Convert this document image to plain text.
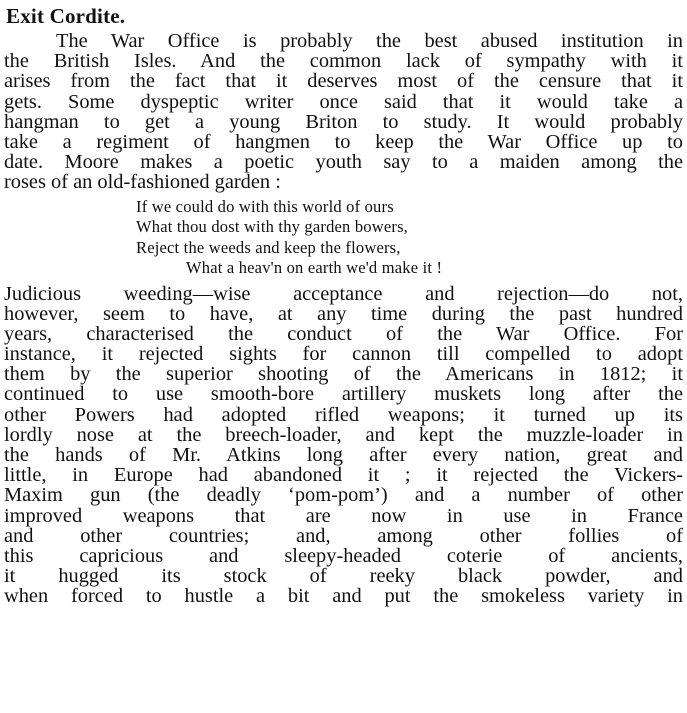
Exit Cordite.
The War Office is probably the best abused institution in
the British Isles. And the common lack of sympathy with it
arises from the fact that it deserves most of the censure that it
gets. Some dyspeptic writer once said that it would take a
hangman to get a young Briton to study. It would probably
take a regiment of hangmen to keep the War Office up to
date. Moore makes a poetic youth say to a maiden among the
roses of an old-fashioned garden :
If we could do with this world of ours
What thou dost with thy garden bowers,
Reject the weeds and keep the flowers,
What a heav'n on earth we'd make it !
Judicious weeding—wise acceptance and rejection—do not,
however, seem to have, at any time during the past hundred
years, characterised the conduct of the War Office. For
instance, it rejected sights for cannon till compelled to adopt
them by the superior shooting of the Americans in 1812; it
continued to use smooth-bore artillery muskets long after the
other Powers had adopted rifled weapons; it turned up its
lordly nose at the breech-loader, and kept the muzzle-loader in
the hands of Mr. Atkins long after every nation, great and
little, in Europe had abandoned it ; it rejected the Vickers-
Maxim gun (the deadly ‘pom-pom’) and a number of other
improved weapons that are now in use in France
and other countries; and, among other follies of
this capricious and sleepy-headed coterie of ancients,
it hugged its stock of reeky black powder, and
when forced to hustle a bit and put the smokeless variety in
